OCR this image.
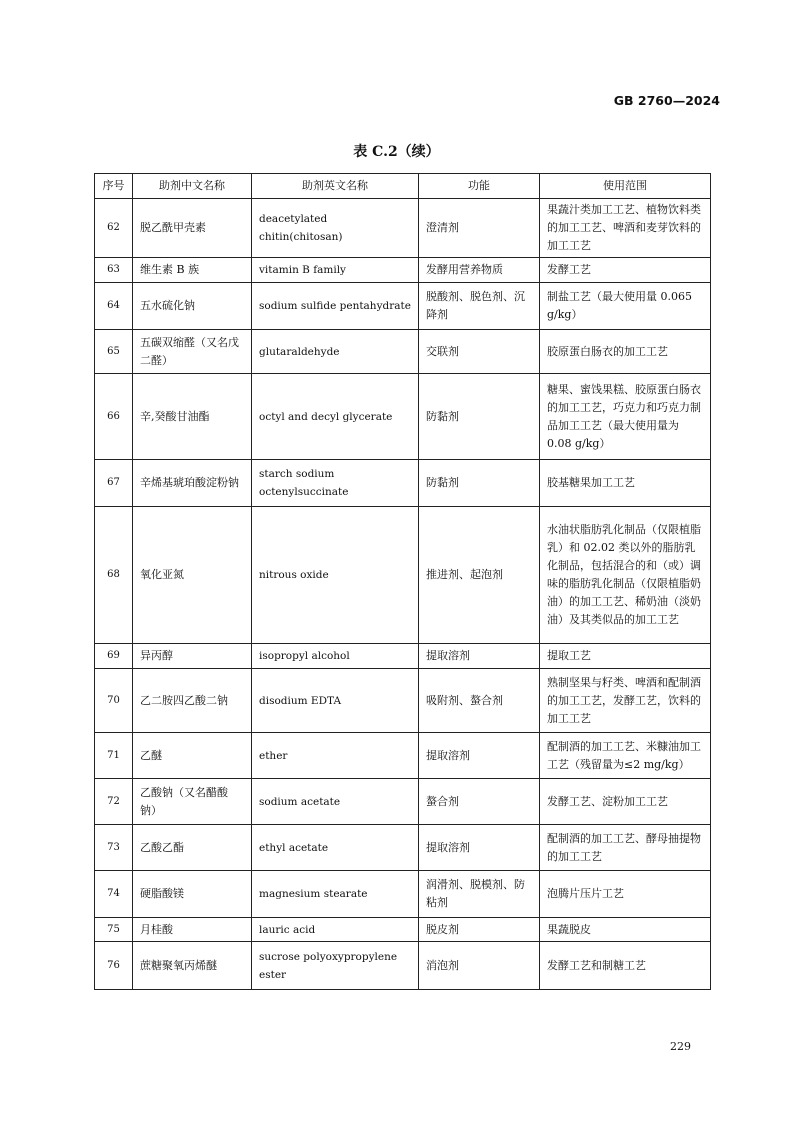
GB 2760—2024
表 C.2（续）
序号	助剂中文名称	助剂英文名称	功能	使用范围
62	脱乙酰甲壳素	deacetylated chitin(chitosan)	澄清剂	果蔬汁类加工工艺、植物饮料类的加工工艺、啤酒和麦芽饮料的加工工艺
63	维生素 B 族	vitamin B family	发酵用营养物质	发酵工艺
64	五水硫化钠	sodium sulfide pentahydrate	脱酸剂、脱色剂、沉降剂	制盐工艺（最大使用量 0.065 g/kg）
65	五碳双缩醛（又名戊二醛）	glutaraldehyde	交联剂	胶原蛋白肠衣的加工工艺
66	辛,癸酸甘油酯	octyl and decyl glycerate	防黏剂	糖果、蜜饯果糕、胶原蛋白肠衣的加工工艺，巧克力和巧克力制品加工工艺（最大使用量为 0.08 g/kg）
67	辛烯基琥珀酸淀粉钠	starch sodium octenylsuccinate	防黏剂	胶基糖果加工工艺
68	氧化亚氮	nitrous oxide	推进剂、起泡剂	水油状脂肪乳化制品（仅限植脂乳）和 02.02 类以外的脂肪乳化制品，包括混合的和（或）调味的脂肪乳化制品（仅限植脂奶油）的加工工艺、稀奶油（淡奶油）及其类似品的加工工艺
69	异丙醇	isopropyl alcohol	提取溶剂	提取工艺
70	乙二胺四乙酸二钠	disodium EDTA	吸附剂、螯合剂	熟制坚果与籽类、啤酒和配制酒的加工工艺，发酵工艺，饮料的加工工艺
71	乙醚	ether	提取溶剂	配制酒的加工工艺、米糠油加工工艺（残留量为≤2 mg/kg）
72	乙酸钠（又名醋酸钠）	sodium acetate	螯合剂	发酵工艺、淀粉加工工艺
73	乙酸乙酯	ethyl acetate	提取溶剂	配制酒的加工工艺、酵母抽提物的加工工艺
74	硬脂酸镁	magnesium stearate	润滑剂、脱模剂、防粘剂	泡腾片压片工艺
75	月桂酸	lauric acid	脱皮剂	果蔬脱皮
76	蔗糖聚氧丙烯醚	sucrose polyoxypropylene ester	消泡剂	发酵工艺和制糖工艺
229
